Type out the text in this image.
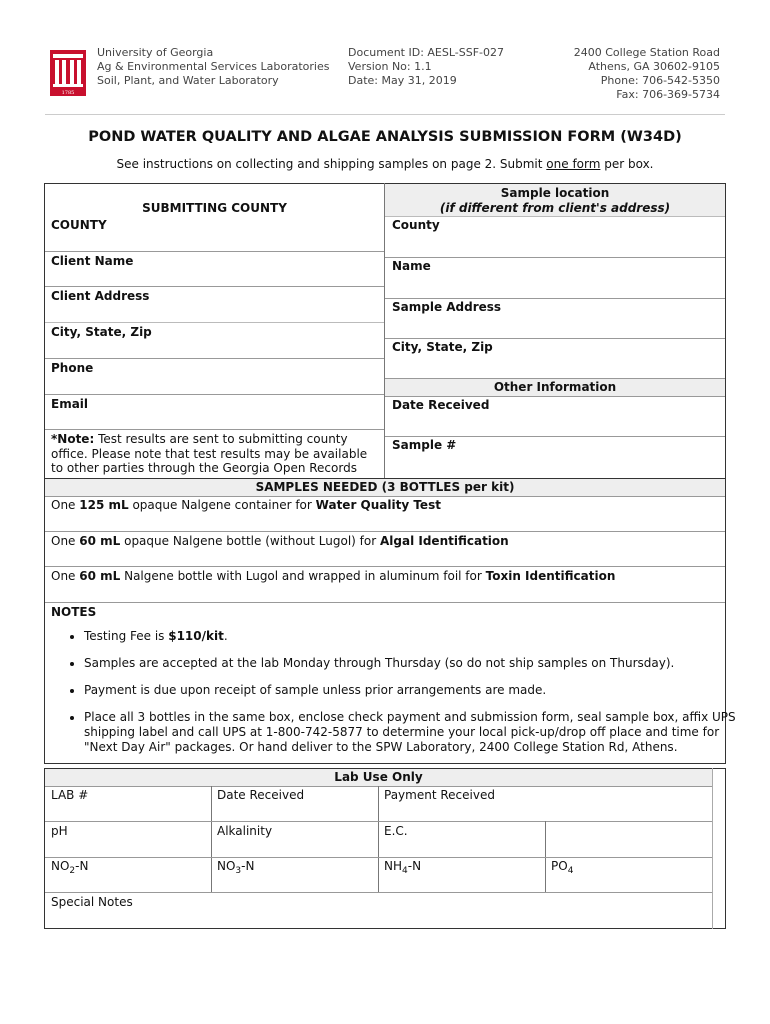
1785
University of Georgia
Ag & Environmental Services Laboratories
Soil, Plant, and Water Laboratory
Document ID: AESL-SSF-027
Version No: 1.1
Date: May 31, 2019
2400 College Station Road
Athens, GA 30602-9105
Phone: 706-542-5350
Fax: 706-369-5734
POND WATER QUALITY AND ALGAE ANALYSIS SUBMISSION FORM (W34D)
See instructions on collecting and shipping samples on page 2. Submit one form per box.
SUBMITTING COUNTY
COUNTY
Client Name
Client Address
City, State, Zip
Phone
Email
*Note: Test results are sent to submitting county office. Please note that test results may be available to other parties through the Georgia Open Records
Sample location
(if different from client's address)
County
Name
Sample Address
City, State, Zip
Other Information
Date Received
Sample #
SAMPLES NEEDED (3 BOTTLES per kit)
One 125 mL opaque Nalgene container for Water Quality Test
One 60 mL opaque Nalgene bottle (without Lugol) for Algal Identification
One 60 mL Nalgene bottle with Lugol and wrapped in aluminum foil for Toxin Identification
NOTES
• Testing Fee is $110/kit.
• Samples are accepted at the lab Monday through Thursday (so do not ship samples on Thursday).
• Payment is due upon receipt of sample unless prior arrangements are made.
• Place all 3 bottles in the same box, enclose check payment and submission form, seal sample box, affix UPS shipping label and call UPS at 1-800-742-5877 to determine your local pick-up/drop off place and time for "Next Day Air" packages. Or hand deliver to the SPW Laboratory, 2400 College Station Rd, Athens.
Lab Use Only
LAB #	Date Received	Payment Received
pH	Alkalinity	E.C.
$NO_2-N$	$NO_3-N$	$NH_4-N$	$PO_4$
Special Notes
